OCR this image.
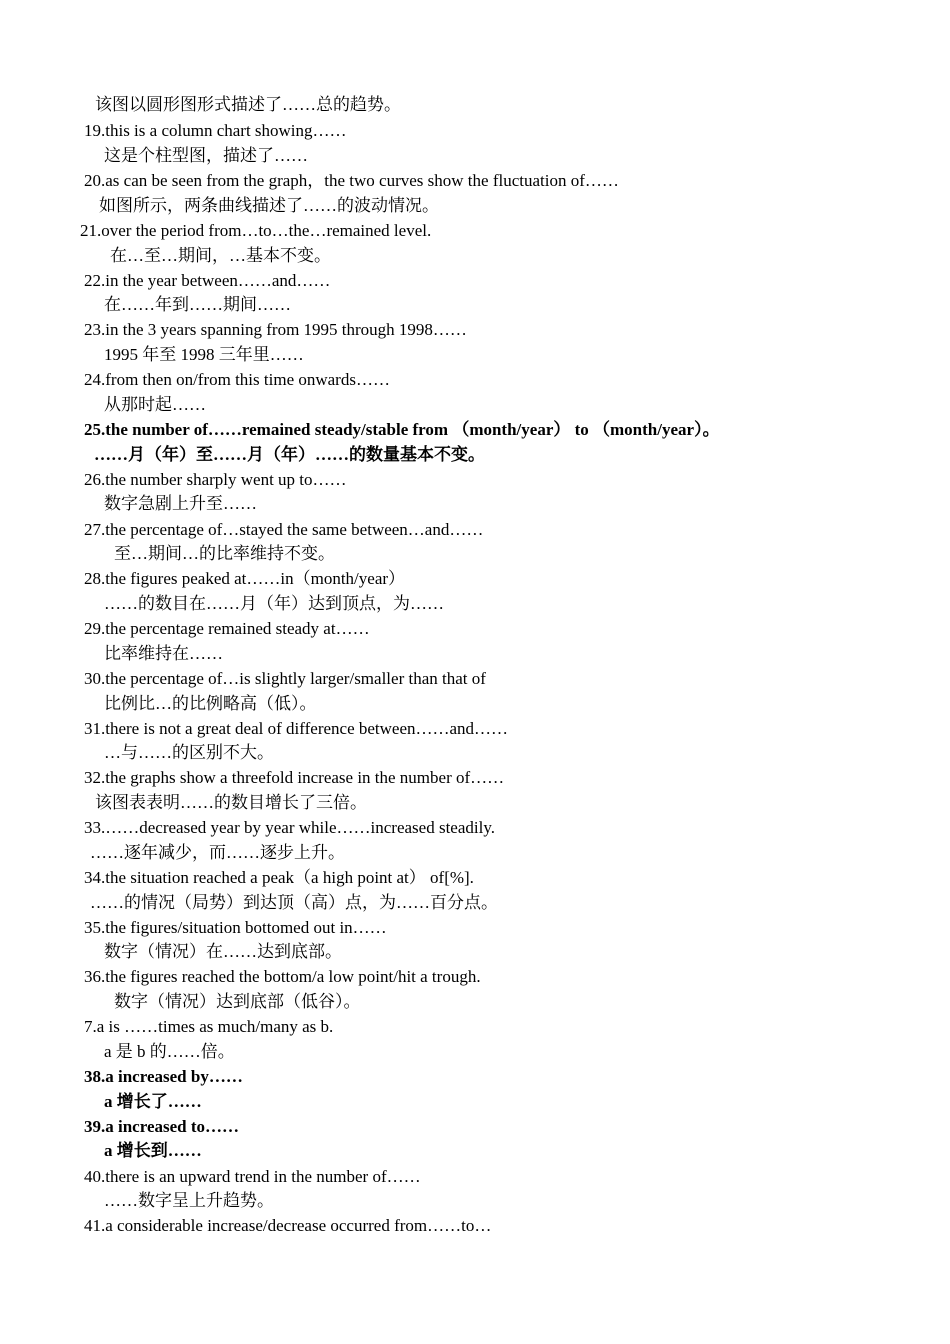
该图以圆形图形式描述了……总的趋势。
19.this is a column chart showing……
这是个柱型图，描述了……
20.as can be seen from the graph，the two curves show the fluctuation of……
如图所示，两条曲线描述了……的波动情况。
21.over the period from…to…the…remained level.
在…至…期间，…基本不变。
22.in the year between……and……
在……年到……期间……
23.in the 3 years spanning from 1995 through 1998……
1995 年至 1998 三年里……
24.from then on/from this time onwards……
从那时起……
25.the number of……remained steady/stable from （month/year） to （month/year）。
……月（年）至……月（年）……的数量基本不变。
26.the number sharply went up to……
数字急剧上升至……
27.the percentage of…stayed the same between…and……
至…期间…的比率维持不变。
28.the figures peaked at……in（month/year）
……的数目在……月（年）达到顶点，为……
29.the percentage remained steady at……
比率维持在……
30.the percentage of…is slightly larger/smaller than that of
比例比…的比例略高（低）。
31.there is not a great deal of difference between……and……
…与……的区别不大。
32.the graphs show a threefold increase in the number of……
该图表表明……的数目增长了三倍。
33.……decreased year by year while……increased steadily.
……逐年减少，而……逐步上升。
34.the situation reached a peak（a high point at） of[%].
……的情况（局势）到达顶（高）点，为……百分点。
35.the figures/situation bottomed out in……
数字（情况）在……达到底部。
36.the figures reached the bottom/a low point/hit a trough.
数字（情况）达到底部（低谷）。
7.a is ……times as much/many as b.
a 是 b 的……倍。
38.a increased by……
a 增长了……
39.a increased to……
a 增长到……
40.there is an upward trend in the number of……
……数字呈上升趋势。
41.a considerable increase/decrease occurred from……to…
